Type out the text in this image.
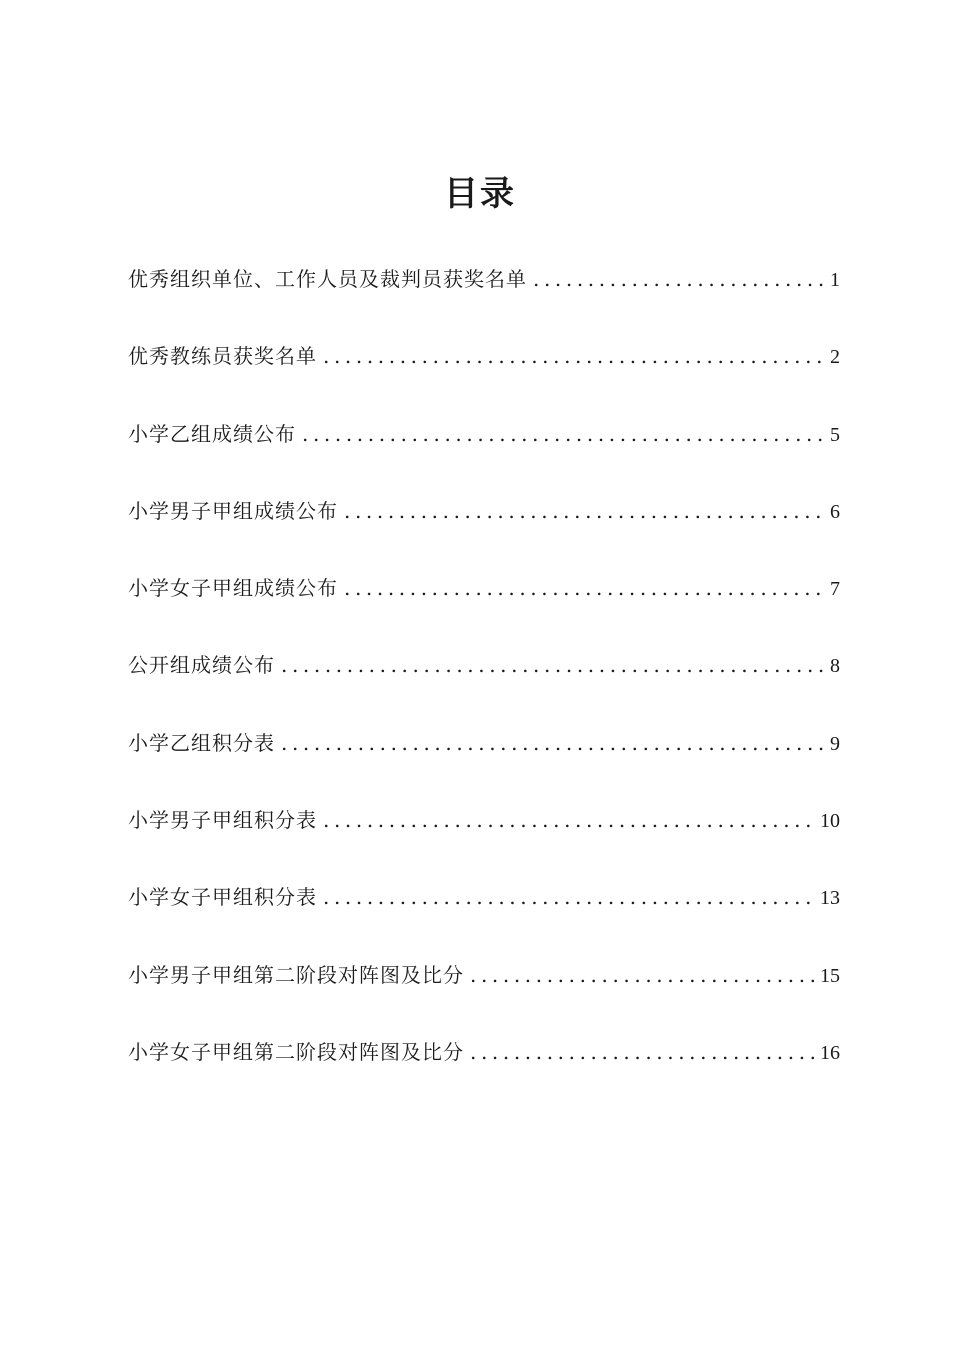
目录
优秀组织单位、工作人员及裁判员获奖名单 .....	1
优秀教练员获奖名单 .....	2
小学乙组成绩公布 .....	5
小学男子甲组成绩公布 .....	6
小学女子甲组成绩公布 .....	7
公开组成绩公布 .....	8
小学乙组积分表 .....	9
小学男子甲组积分表 .....	10
小学女子甲组积分表 .....	13
小学男子甲组第二阶段对阵图及比分 .....	15
小学女子甲组第二阶段对阵图及比分 .....	16
